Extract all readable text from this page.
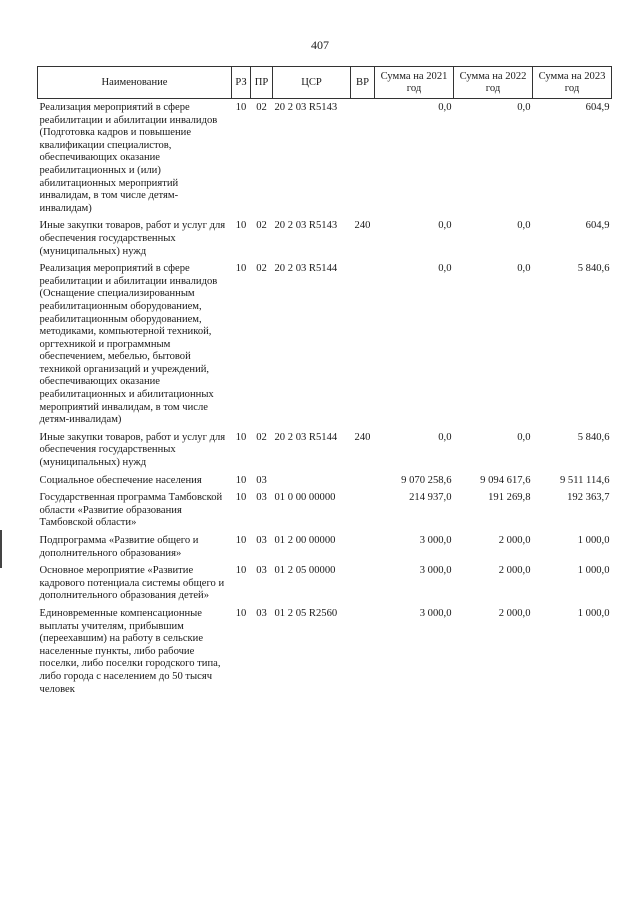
407
Наименование	РЗ	ПР	ЦСР	ВР	Сумма на 2021 год	Сумма на 2022 год	Сумма на 2023 год

Реализация мероприятий в сфере реабилитации и абилитации инвалидов (Подготовка кадров и повышение квалификации специалистов, обеспечивающих оказание реабилитационных и (или) абилитационных мероприятий инвалидам, в том числе детям-инвалидам)	10	02	20 2 03 R5143		0,0	0,0	604,9

Иные закупки товаров, работ и услуг для обеспечения государственных (муниципальных) нужд	10	02	20 2 03 R5143	240	0,0	0,0	604,9

Реализация мероприятий в сфере реабилитации и абилитации инвалидов (Оснащение специализированным реабилитационным оборудованием, реабилитационным оборудованием, методиками, компьютерной техникой, оргтехникой и программным обеспечением, мебелью, бытовой техникой организаций и учреждений, обеспечивающих оказание реабилитационных и абилитационных мероприятий инвалидам, в том числе детям-инвалидам)	10	02	20 2 03 R5144		0,0	0,0	5 840,6

Иные закупки товаров, работ и услуг для обеспечения государственных (муниципальных) нужд	10	02	20 2 03 R5144	240	0,0	0,0	5 840,6

Социальное обеспечение населения	10	03			9 070 258,6	9 094 617,6	9 511 114,6

Государственная программа Тамбовской области «Развитие образования Тамбовской области»	10	03	01 0 00 00000		214 937,0	191 269,8	192 363,7

Подпрограмма «Развитие общего и дополнительного образования»	10	03	01 2 00 00000		3 000,0	2 000,0	1 000,0

Основное мероприятие «Развитие кадрового потенциала системы общего и дополнительного образования детей»	10	03	01 2 05 00000		3 000,0	2 000,0	1 000,0

Единовременные компенсационные выплаты учителям, прибывшим (переехавшим) на работу в сельские населенные пункты, либо рабочие поселки, либо поселки городского типа, либо города с населением до 50 тысяч человек	10	03	01 2 05 R2560		3 000,0	2 000,0	1 000,0
